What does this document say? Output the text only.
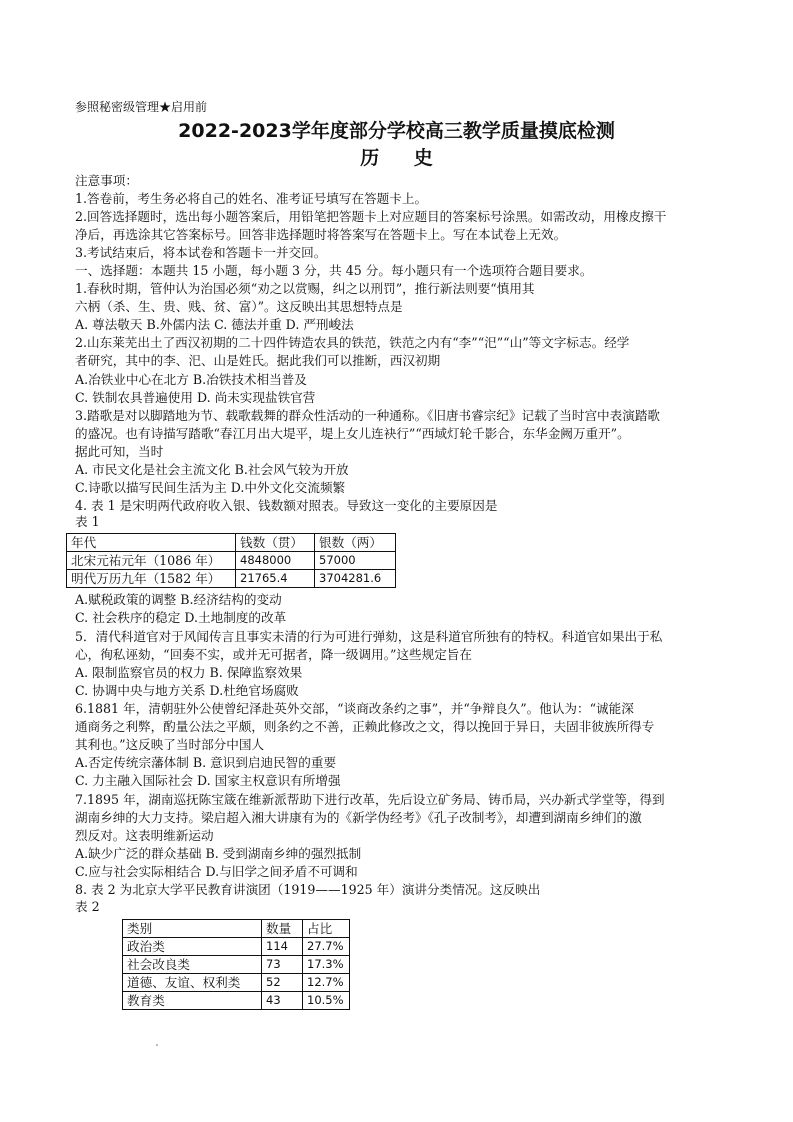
参照秘密级管理★启用前
2022-2023学年度部分学校高三教学质量摸底检测
历 史
注意事项：
1.答卷前，考生务必将自己的姓名、准考证号填写在答题卡上。
2.回答选择题时，选出每小题答案后，用铅笔把答题卡上对应题目的答案标号涂黑。如需改动，用橡皮擦干
净后，再选涂其它答案标号。回答非选择题时将答案写在答题卡上。写在本试卷上无效。
3.考试结束后，将本试卷和答题卡一并交回。
一、选择题：本题共 15 小题，每小题 3 分，共 45 分。每小题只有一个选项符合题目要求。
1.春秋时期，管仲认为治国必须“劝之以赏赐，纠之以刑罚”，推行新法则要“慎用其
六柄（杀、生、贵、贱、贫、富）”。这反映出其思想特点是
A. 尊法敬天 B.外儒内法 C. 德法并重 D. 严刑峻法
2.山东莱芜出土了西汉初期的二十四件铸造农具的铁范，铁范之内有“李”“汜”“山”等文字标志。经学
者研究，其中的李、汜、山是姓氏。据此我们可以推断，西汉初期
A.冶铁业中心在北方 B.冶铁技术相当普及
C. 铁制农具普遍使用 D. 尚未实现盐铁官营
3.踏歌是对以脚踏地为节、载歌载舞的群众性活动的一种通称。《旧唐书睿宗纪》记载了当时宫中表演踏歌
的盛况。也有诗描写踏歌“春江月出大堤平，堤上女儿连袂行”“西域灯轮千影合，东华金阙万重开”。
据此可知，当时
A. 市民文化是社会主流文化 B.社会风气较为开放
C.诗歌以描写民间生活为主 D.中外文化交流频繁
4. 表 1 是宋明两代政府收入银、钱数额对照表。导致这一变化的主要原因是
表 1
年代	钱数（贯）	银数（两）
北宋元祐元年（1086 年）	4848000	57000
明代万历九年（1582 年）	21765.4	3704281.6
A.赋税政策的调整 B.经济结构的变动
C. 社会秩序的稳定 D.土地制度的改革
5．清代科道官对于风闻传言且事实未清的行为可进行弹劾，这是科道官所独有的特权。科道官如果出于私
心，徇私诬劾，“回奏不实，或并无可据者，降一级调用。”这些规定旨在
A. 限制监察官员的权力 B. 保障监察效果
C. 协调中央与地方关系 D.杜绝官场腐败
6.1881 年，清朝驻外公使曾纪泽赴英外交部，“谈商改条约之事”，并“争辩良久”。他认为：“诚能深
通商务之利弊，酌量公法之平颇，则条约之不善，正赖此修改之文，得以挽回于异日，夫固非彼族所得专
其利也。”这反映了当时部分中国人
A.否定传统宗藩体制 B. 意识到启迪民智的重要
C. 力主融入国际社会 D. 国家主权意识有所增强
7.1895 年，湖南巡抚陈宝箴在维新派帮助下进行改革，先后设立矿务局、铸币局，兴办新式学堂等，得到
湖南乡绅的大力支持。梁启超入湘大讲康有为的《新学伪经考》《孔子改制考》，却遭到湖南乡绅们的激
烈反对。这表明维新运动
A.缺少广泛的群众基础 B. 受到湖南乡绅的强烈抵制
C.应与社会实际相结合 D.与旧学之间矛盾不可调和
8. 表 2 为北京大学平民教育讲演团（1919——1925 年）演讲分类情况。这反映出
表 2
类别	数量	占比
政治类	114	27.7%
社会改良类	73	17.3%
道德、友谊、权利类	52	12.7%
教育类	43	10.5%
